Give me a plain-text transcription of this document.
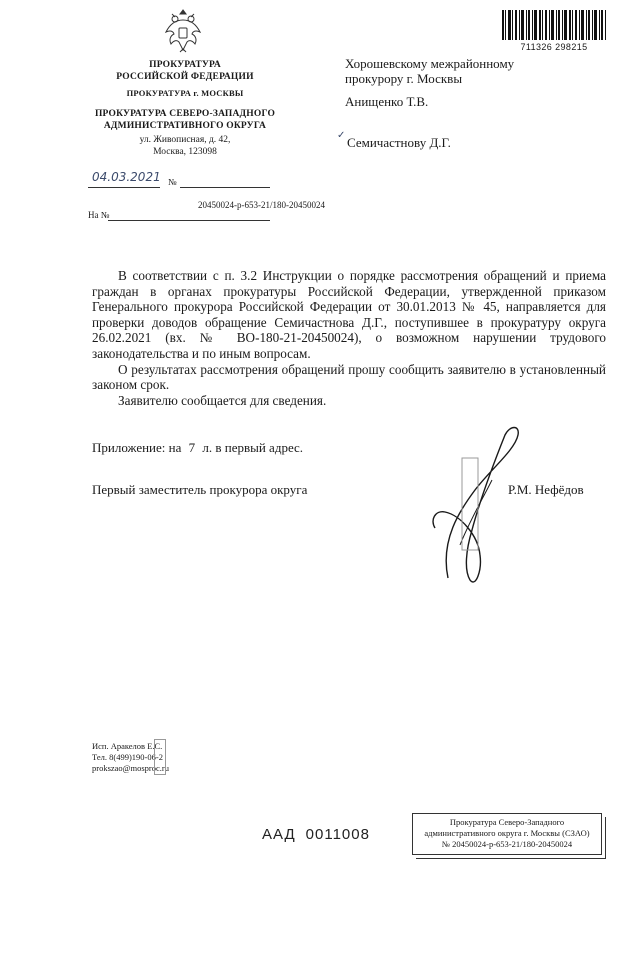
ПРОКУРАТУРА
РОССИЙСКОЙ ФЕДЕРАЦИИ
ПРОКУРАТУРА г. МОСКВЫ
ПРОКУРАТУРА СЕВЕРО-ЗАПАДНОГО
АДМИНИСТРАТИВНОГО ОКРУГА
ул. Живописная, д. 42,
Москва, 123098
04.03.2021 №
20450024-р-653-21/180-20450024
На №
711326 298215
Хорошевскому межрайонному
прокурору г. Москвы
Анищенко Т.В.
✓ Семичастнову Д.Г.

В соответствии с п. 3.2 Инструкции о порядке рассмотрения обращений и приема граждан в органах прокуратуры Российской Федерации, утвержденной приказом Генерального прокурора Российской Федерации от 30.01.2013 № 45, направляется для проверки доводов обращение Семичастнова Д.Г., поступившее в прокуратуру округа 26.02.2021 (вх. № ВО-180-21-20450024), о возможном нарушении трудового законодательства и по иным вопросам.

О результатах рассмотрения обращений прошу сообщить заявителю в установленный законом срок.

Заявителю сообщается для сведения.

Приложение: на 7 л. в первый адрес.
Первый заместитель прокурора округа	Р.М. Нефёдов
Исп. Аракелов Е.С.
Тел. 8(499)190-06-2
prokszao@mosproc.ru
ААД 0011008
Прокуратура Северо-Западного
административного округа г. Москвы (СЗАО)
№ 20450024-р-653-21/180-20450024
